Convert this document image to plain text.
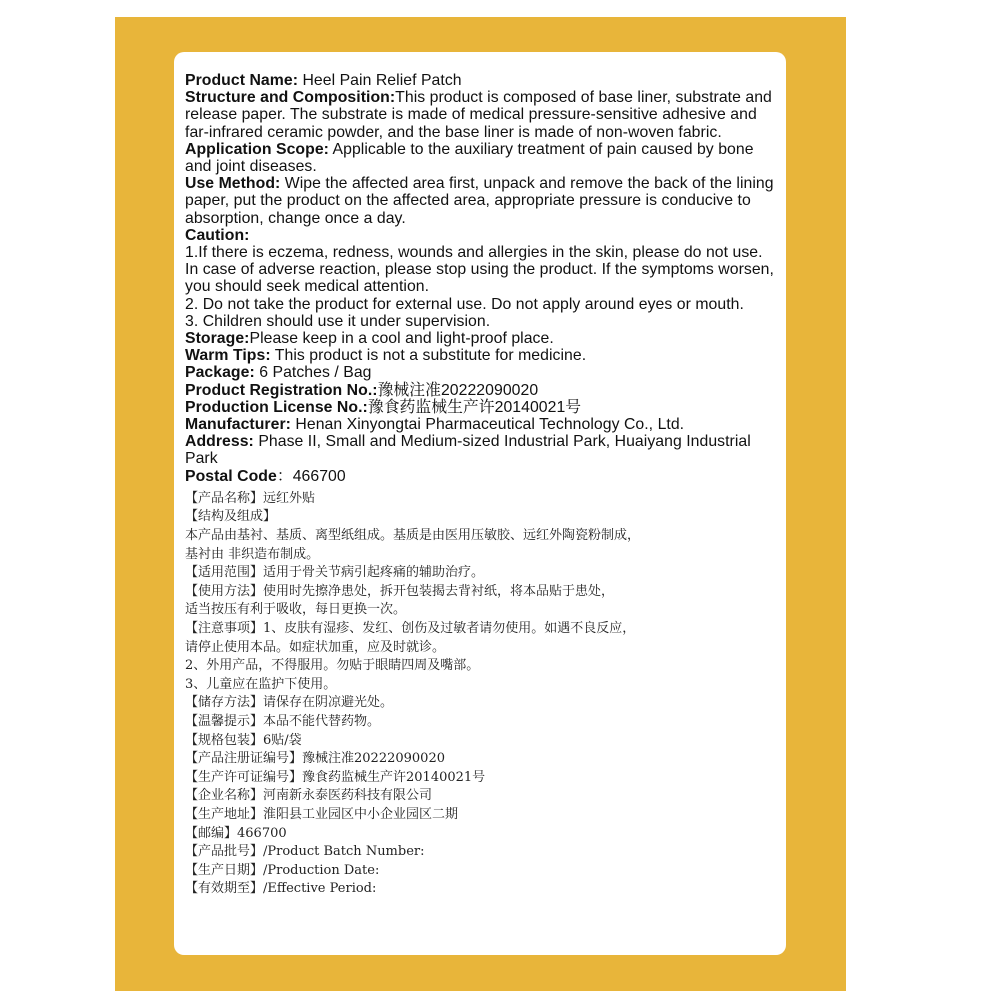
Product Name: Heel Pain Relief Patch

Structure and Composition:This product is composed of base liner, substrate and release paper. The substrate is made of medical pressure-sensitive adhesive and far-infrared ceramic powder, and the base liner is made of non-woven fabric.

Application Scope: Applicable to the auxiliary treatment of pain caused by bone and joint diseases.

Use Method: Wipe the affected area first, unpack and remove the back of the lining paper, put the product on the affected area, appropriate pressure is conducive to absorption, change once a day.

Caution:

1.If there is eczema, redness, wounds and allergies in the skin, please do not use. In case of adverse reaction, please stop using the product. If the symptoms worsen, you should seek medical attention.

2. Do not take the product for external use. Do not apply around eyes or mouth.

3. Children should use it under supervision.

Storage:Please keep in a cool and light-proof place.

Warm Tips: This product is not a substitute for medicine.

Package: 6 Patches / Bag

Product Registration No.:豫械注准20222090020

Production License No.:豫食药监械生产许20140021号

Manufacturer: Henan Xinyongtai Pharmaceutical Technology Co., Ltd.

Address: Phase II, Small and Medium-sized Industrial Park, Huaiyang Industrial Park

Postal Code：466700

【产品名称】远红外贴

【结构及组成】

本产品由基衬、基质、离型纸组成。基质是由医用压敏胶、远红外陶瓷粉制成，

基衬由 非织造布制成。

【适用范围】适用于骨关节病引起疼痛的辅助治疗。

【使用方法】使用时先擦净患处，拆开包装揭去背衬纸，将本品贴于患处，

适当按压有利于吸收，每日更换一次。

【注意事项】1、皮肤有湿疹、发红、创伤及过敏者请勿使用。如遇不良反应，

请停止使用本品。如症状加重，应及时就诊。

2、外用产品，不得服用。勿贴于眼睛四周及嘴部。

3、儿童应在监护下使用。

【储存方法】请保存在阴凉避光处。

【温馨提示】本品不能代替药物。

【规格包装】6贴/袋

【产品注册证编号】豫械注准20222090020

【生产许可证编号】豫食药监械生产许20140021号

【企业名称】河南新永泰医药科技有限公司

【生产地址】淮阳县工业园区中小企业园区二期

【邮编】466700

【产品批号】/Product Batch Number:

【生产日期】/Production Date:

【有效期至】/Effective Period:
